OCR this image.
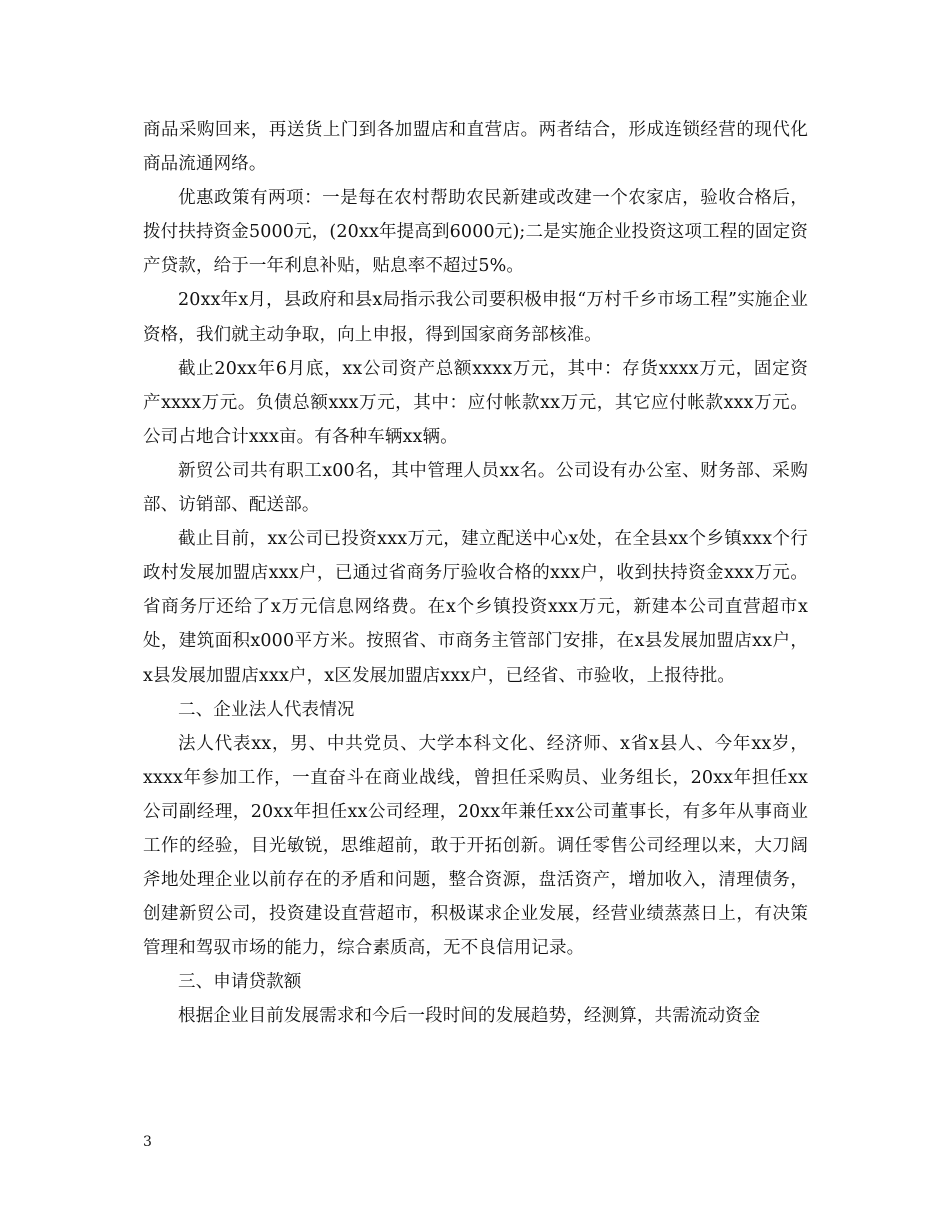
商品采购回来，再送货上门到各加盟店和直营店。两者结合，形成连锁经营的现代化商品流通网络。

优惠政策有两项：一是每在农村帮助农民新建或改建一个农家店，验收合格后，拨付扶持资金5000元，(20xx年提高到6000元);二是实施企业投资这项工程的固定资产贷款，给于一年利息补贴，贴息率不超过5%。

20xx年x月，县政府和县x局指示我公司要积极申报“万村千乡市场工程”实施企业资格，我们就主动争取，向上申报，得到国家商务部核准。

截止20xx年6月底，xx公司资产总额xxxx万元，其中：存货xxxx万元，固定资产xxxx万元。负债总额xxx万元，其中：应付帐款xx万元，其它应付帐款xxx万元。公司占地合计xxx亩。有各种车辆xx辆。

新贸公司共有职工x00名，其中管理人员xx名。公司设有办公室、财务部、采购部、访销部、配送部。

截止目前，xx公司已投资xxx万元，建立配送中心x处，在全县xx个乡镇xxx个行政村发展加盟店xxx户，已通过省商务厅验收合格的xxx户，收到扶持资金xxx万元。省商务厅还给了x万元信息网络费。在x个乡镇投资xxx万元，新建本公司直营超市x处，建筑面积x000平方米。按照省、市商务主管部门安排，在x县发展加盟店xx户，x县发展加盟店xxx户，x区发展加盟店xxx户，已经省、市验收，上报待批。

二、企业法人代表情况

法人代表xx，男、中共党员、大学本科文化、经济师、x省x县人、今年xx岁，xxxx年参加工作，一直奋斗在商业战线，曾担任采购员、业务组长，20xx年担任xx公司副经理，20xx年担任xx公司经理，20xx年兼任xx公司董事长，有多年从事商业工作的经验，目光敏锐，思维超前，敢于开拓创新。调任零售公司经理以来，大刀阔斧地处理企业以前存在的矛盾和问题，整合资源，盘活资产，增加收入，清理债务，创建新贸公司，投资建设直营超市，积极谋求企业发展，经营业绩蒸蒸日上，有决策管理和驾驭市场的能力，综合素质高，无不良信用记录。

三、申请贷款额

根据企业目前发展需求和今后一段时间的发展趋势，经测算，共需流动资金

3
